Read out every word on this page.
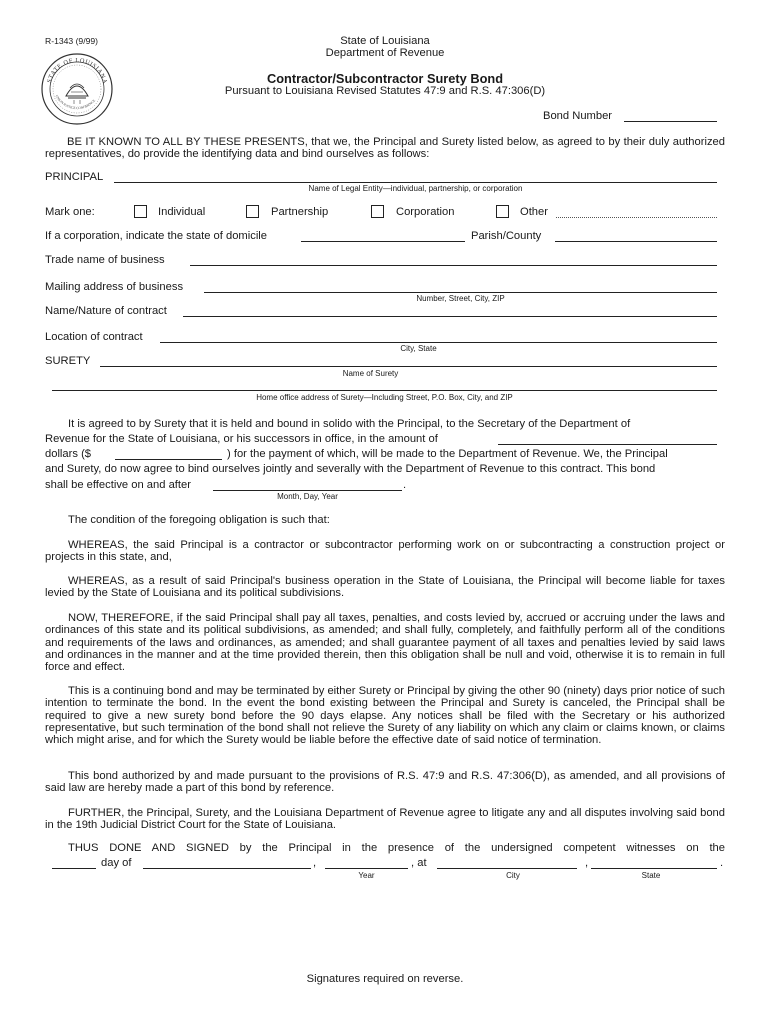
R-1343 (9/99)	State of Louisiana
Department of Revenue
STATE OF LOUISIANA
UNION JUSTICE CONFIDENCE
Contractor/Subcontractor Surety Bond
Pursuant to Louisiana Revised Statutes 47:9 and R.S. 47:306(D)
Bond Number
BE IT KNOWN TO ALL BY THESE PRESENTS, that we, the Principal and Surety listed below, as agreed to by their duly authorized representatives, do provide the identifying data and bind ourselves as follows:
PRINCIPAL
Name of Legal Entity—individual, partnership, or corporation
Mark one:	Individual	Partnership	Corporation	Other
If a corporation, indicate the state of domicile	Parish/County
Trade name of business
Mailing address of business
Number, Street, City, ZIP
Name/Nature of contract
Location of contract
City, State
SURETY
Name of Surety
Home office address of Surety—Including Street, P.O. Box, City, and ZIP
It is agreed to by Surety that it is held and bound in solido with the Principal, to the Secretary of the Department of
Revenue for the State of Louisiana, or his successors in office, in the amount of
dollars ($	) for the payment of which, will be made to the Department of Revenue. We, the Principal
and Surety, do now agree to bind ourselves jointly and severally with the Department of Revenue to this contract. This bond
shall be effective on and after	.
Month, Day, Year
The condition of the foregoing obligation is such that:
WHEREAS, the said Principal is a contractor or subcontractor performing work on or subcontracting a construction project or projects in this state, and,
WHEREAS, as a result of said Principal's business operation in the State of Louisiana, the Principal will become liable for taxes levied by the State of Louisiana and its political subdivisions.
NOW, THEREFORE, if the said Principal shall pay all taxes, penalties, and costs levied by, accrued or accruing under the laws and ordinances of this state and its political subdivisions, as amended; and shall fully, completely, and faithfully perform all of the conditions and requirements of the laws and ordinances, as amended; and shall guarantee payment of all taxes and penalties levied by said laws and ordinances in the manner and at the time provided therein, then this obligation shall be null and void, otherwise it is to remain in full force and effect.
This is a continuing bond and may be terminated by either Surety or Principal by giving the other 90 (ninety) days prior notice of such intention to terminate the bond. In the event the bond existing between the Principal and Surety is canceled, the Principal shall be required to give a new surety bond before the 90 days elapse. Any notices shall be filed with the Secretary or his authorized representative, but such termination of the bond shall not relieve the Surety of any liability on which any claim or claims known, or claims which might arise, and for which the Surety would be liable before the effective date of said notice of termination.
This bond authorized by and made pursuant to the provisions of R.S. 47:9 and R.S. 47:306(D), as amended, and all provisions of said law are hereby made a part of this bond by reference.
FURTHER, the Principal, Surety, and the Louisiana Department of Revenue agree to litigate any and all disputes involving said bond in the 19th Judicial District Court for the State of Louisiana.
THUS DONE AND SIGNED by the Principal in the presence of the undersigned competent witnesses on the
day of	,	, at	,	.
Year	City	State
Signatures required on reverse.
